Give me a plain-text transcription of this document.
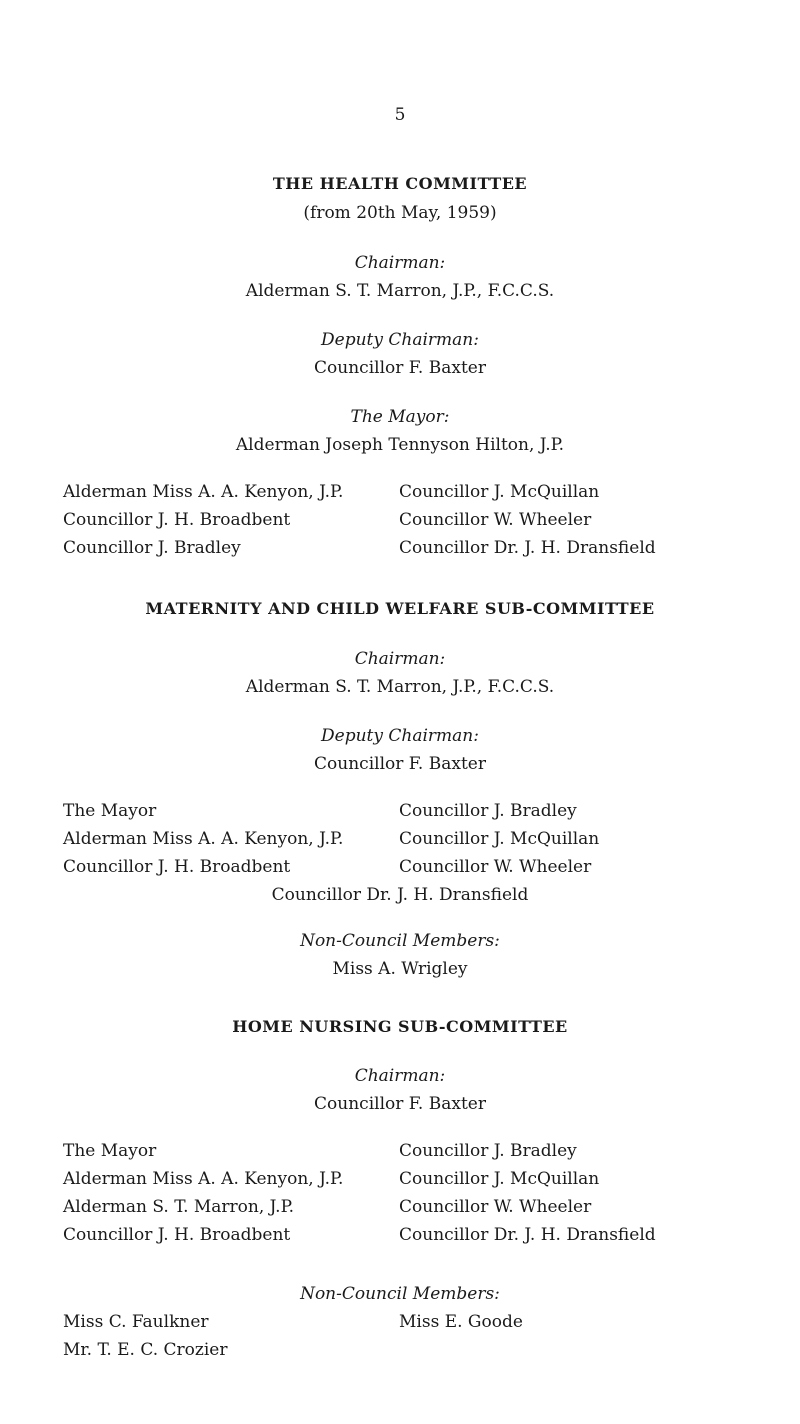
5
THE HEALTH COMMITTEE
(from 20th May, 1959)
Chairman:
Alderman S. T. Marron, J.P., F.C.C.S.
Deputy Chairman:
Councillor F. Baxter
The Mayor:
Alderman Joseph Tennyson Hilton, J.P.
Alderman Miss A. A. Kenyon, J.P.
Councillor J. H. Broadbent
Councillor J. Bradley
Councillor J. McQuillan
Councillor W. Wheeler
Councillor Dr. J. H. Dransfield
MATERNITY AND CHILD WELFARE SUB-COMMITTEE
Chairman:
Alderman S. T. Marron, J.P., F.C.C.S.
Deputy Chairman:
Councillor F. Baxter
The Mayor
Alderman Miss A. A. Kenyon, J.P.
Councillor J. H. Broadbent
Councillor J. Bradley
Councillor J. McQuillan
Councillor W. Wheeler
Councillor Dr. J. H. Dransfield
Non-Council Members:
Miss A. Wrigley
HOME NURSING SUB-COMMITTEE
Chairman:
Councillor F. Baxter
The Mayor
Alderman Miss A. A. Kenyon, J.P.
Alderman S. T. Marron, J.P.
Councillor J. H. Broadbent
Councillor J. Bradley
Councillor J. McQuillan
Councillor W. Wheeler
Councillor Dr. J. H. Dransfield
Non-Council Members:
Miss C. Faulkner	Miss E. Goode
Mr. T. E. C. Crozier
